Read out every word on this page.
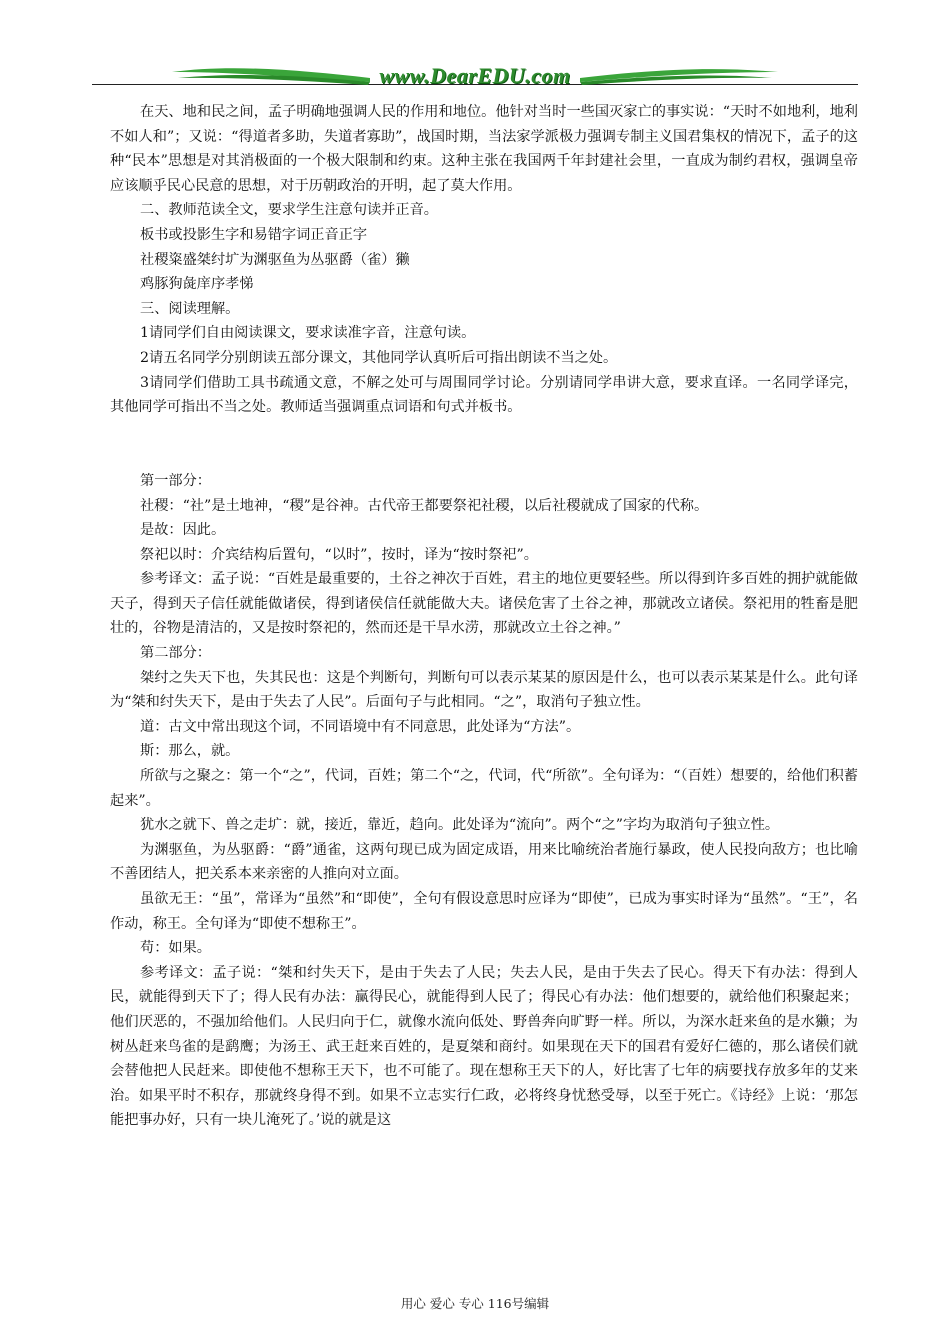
www.DearEDU.com

在天、地和民之间，孟子明确地强调人民的作用和地位。他针对当时一些国灭家亡的事实说：“天时不如地利，地利不如人和”；又说：“得道者多助，失道者寡助”，战国时期，当法家学派极力强调专制主义国君集权的情况下，孟子的这种“民本”思想是对其消极面的一个极大限制和约束。这种主张在我国两千年封建社会里，一直成为制约君权，强调皇帝应该顺乎民心民意的思想，对于历朝政治的开明，起了莫大作用。

二、教师范读全文，要求学生注意句读并正音。

板书或投影生字和易错字词正音正字

社稷粢盛桀纣圹为渊驱鱼为丛驱爵（雀）獭

鸡豚狗彘庠序孝悌

三、阅读理解。

1请同学们自由阅读课文，要求读准字音，注意句读。

2请五名同学分别朗读五部分课文，其他同学认真听后可指出朗读不当之处。

3请同学们借助工具书疏通文意，不解之处可与周围同学讨论。分别请同学串讲大意，要求直译。一名同学译完，其他同学可指出不当之处。教师适当强调重点词语和句式并板书。

第一部分：

社稷：“社”是土地神，“稷”是谷神。古代帝王都要祭祀社稷，以后社稷就成了国家的代称。

是故：因此。

祭祀以时：介宾结构后置句，“以时”，按时，译为“按时祭祀”。

参考译文：孟子说：“百姓是最重要的，土谷之神次于百姓，君主的地位更要轻些。所以得到许多百姓的拥护就能做天子，得到天子信任就能做诸侯，得到诸侯信任就能做大夫。诸侯危害了土谷之神，那就改立诸侯。祭祀用的牲畜是肥壮的，谷物是清洁的，又是按时祭祀的，然而还是干旱水涝，那就改立土谷之神。”

第二部分：

桀纣之失天下也，失其民也：这是个判断句，判断句可以表示某某的原因是什么，也可以表示某某是什么。此句译为“桀和纣失天下，是由于失去了人民”。后面句子与此相同。“之”，取消句子独立性。

道：古文中常出现这个词，不同语境中有不同意思，此处译为“方法”。

斯：那么，就。

所欲与之聚之：第一个“之”，代词，百姓；第二个“之，代词，代“所欲”。全句译为：“（百姓）想要的，给他们积蓄起来”。

犹水之就下、兽之走圹：就，接近，靠近，趋向。此处译为“流向”。两个“之”字均为取消句子独立性。

为渊驱鱼，为丛驱爵：“爵”通雀，这两句现已成为固定成语，用来比喻统治者施行暴政，使人民投向敌方；也比喻不善团结人，把关系本来亲密的人推向对立面。

虽欲无王：“虽”，常译为“虽然”和“即使”，全句有假设意思时应译为“即使”，已成为事实时译为“虽然”。“王”，名作动，称王。全句译为“即使不想称王”。

苟：如果。

参考译文：孟子说：“桀和纣失天下，是由于失去了人民；失去人民，是由于失去了民心。得天下有办法：得到人民，就能得到天下了；得人民有办法：赢得民心，就能得到人民了；得民心有办法：他们想要的，就给他们积聚起来；他们厌恶的，不强加给他们。人民归向于仁，就像水流向低处、野兽奔向旷野一样。所以，为深水赶来鱼的是水獭；为树丛赶来鸟雀的是鹞鹰；为汤王、武王赶来百姓的，是夏桀和商纣。如果现在天下的国君有爱好仁德的，那么诸侯们就会替他把人民赶来。即使他不想称王天下，也不可能了。现在想称王天下的人，好比害了七年的病要找存放多年的艾来治。如果平时不积存，那就终身得不到。如果不立志实行仁政，必将终身忧愁受辱，以至于死亡。《诗经》上说：‘那怎能把事办好，只有一块儿淹死了。’说的就是这

用心 爱心 专心 116号编辑
